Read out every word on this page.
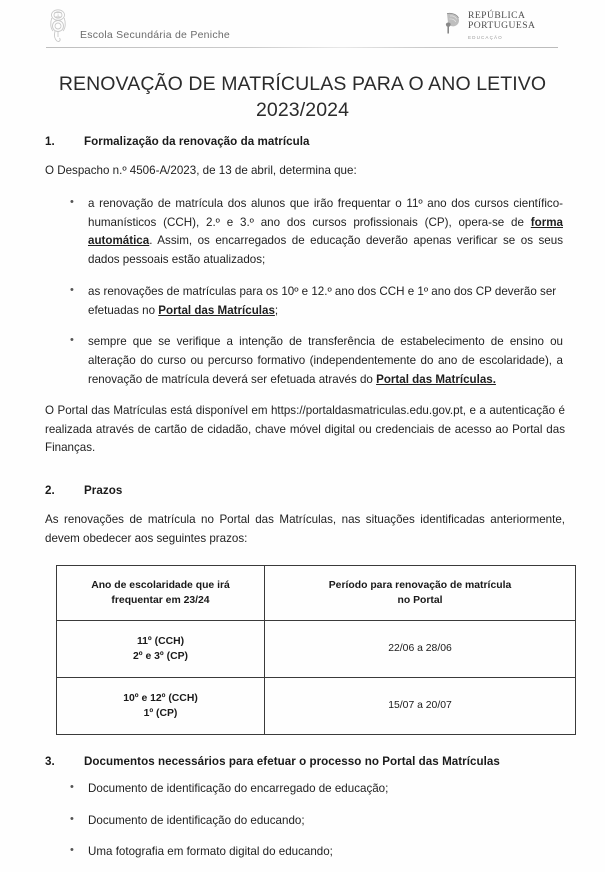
A
Escola Secundária de Peniche
REPÚBLICA
PORTUGUESA
EDUCAÇÃO
RENOVAÇÃO DE MATRÍCULAS PARA O ANO LETIVO
2023/2024
1.	Formalização da renovação da matrícula

O Despacho n.º 4506-A/2023, de 13 de abril, determina que:

• a renovação de matrícula dos alunos que irão frequentar o 11º ano dos cursos científico-humanísticos (CCH), 2.º e 3.º ano dos cursos profissionais (CP), opera-se de forma automática. Assim, os encarregados de educação deverão apenas verificar se os seus dados pessoais estão atualizados;
• as renovações de matrículas para os 10º e 12.º ano dos CCH e 1º ano dos CP deverão ser efetuadas no Portal das Matrículas;
• sempre que se verifique a intenção de transferência de estabelecimento de ensino ou alteração do curso ou percurso formativo (independentemente do ano de escolaridade), a renovação de matrícula deverá ser efetuada através do Portal das Matrículas.

O Portal das Matrículas está disponível em https://portaldasmatriculas.edu.gov.pt, e a autenticação é realizada através de cartão de cidadão, chave móvel digital ou credenciais de acesso ao Portal das Finanças.

2.	Prazos

As renovações de matrícula no Portal das Matrículas, nas situações identificadas anteriormente, devem obedecer aos seguintes prazos:

Ano de escolaridade que irá
frequentar em 23/24	Período para renovação de matrícula
no Portal

11º (CCH)
2º e 3º (CP)	22/06 a 28/06

10º e 12º (CCH)
1º (CP)	15/07 a 20/07
3.	Documentos necessários para efetuar o processo no Portal das Matrículas
• Documento de identificação do encarregado de educação;
• Documento de identificação do educando;
• Uma fotografia em formato digital do educando;
